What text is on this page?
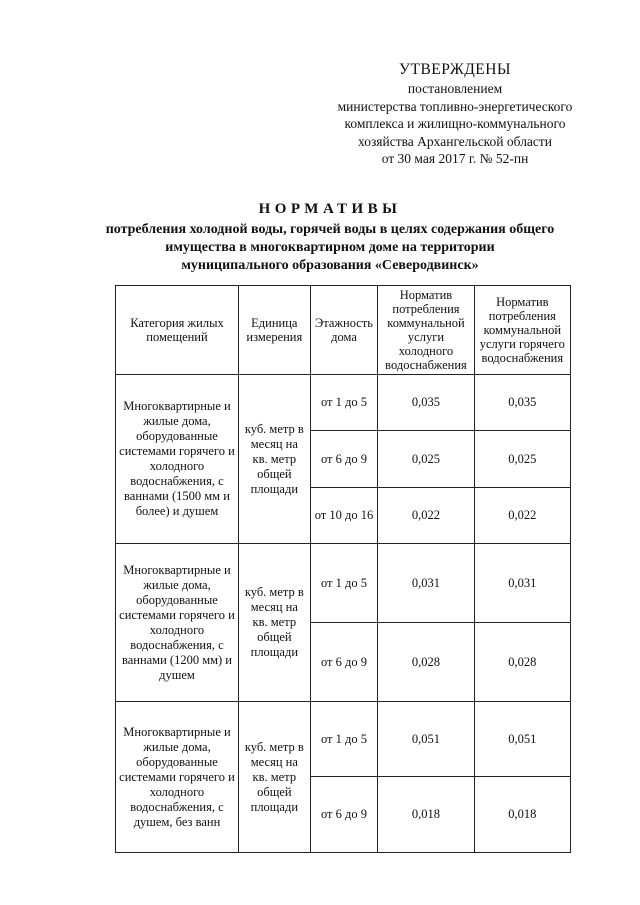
УТВЕРЖДЕНЫ
постановлением
министерства топливно-энергетического
комплекса и жилищно-коммунального
хозяйства Архангельской области
от 30 мая 2017 г. № 52-пн
НОРМАТИВЫ
потребления холодной воды, горячей воды в целях содержания общего
имущества в многоквартирном доме на территории
муниципального образования «Северодвинск»
Категория жилых помещений	Единица измерения	Этажность дома	Норматив потребления коммунальной услуги холодного водоснабжения	Норматив потребления коммунальной услуги горячего водоснабжения
Многоквартирные и жилые дома, оборудованные системами горячего и холодного водоснабжения, с ваннами (1500 мм и более) и душем	куб. метр в месяц на кв. метр общей площади	от 1 до 5	0,035	0,035
		от 6 до 9	0,025	0,025
		от 10 до 16	0,022	0,022
Многоквартирные и жилые дома, оборудованные системами горячего и холодного водоснабжения, с ваннами (1200 мм) и душем	куб. метр в месяц на кв. метр общей площади	от 1 до 5	0,031	0,031
		от 6 до 9	0,028	0,028
Многоквартирные и жилые дома, оборудованные системами горячего и холодного водоснабжения, с душем, без ванн	куб. метр в месяц на кв. метр общей площади	от 1 до 5	0,051	0,051
		от 6 до 9	0,018	0,018
